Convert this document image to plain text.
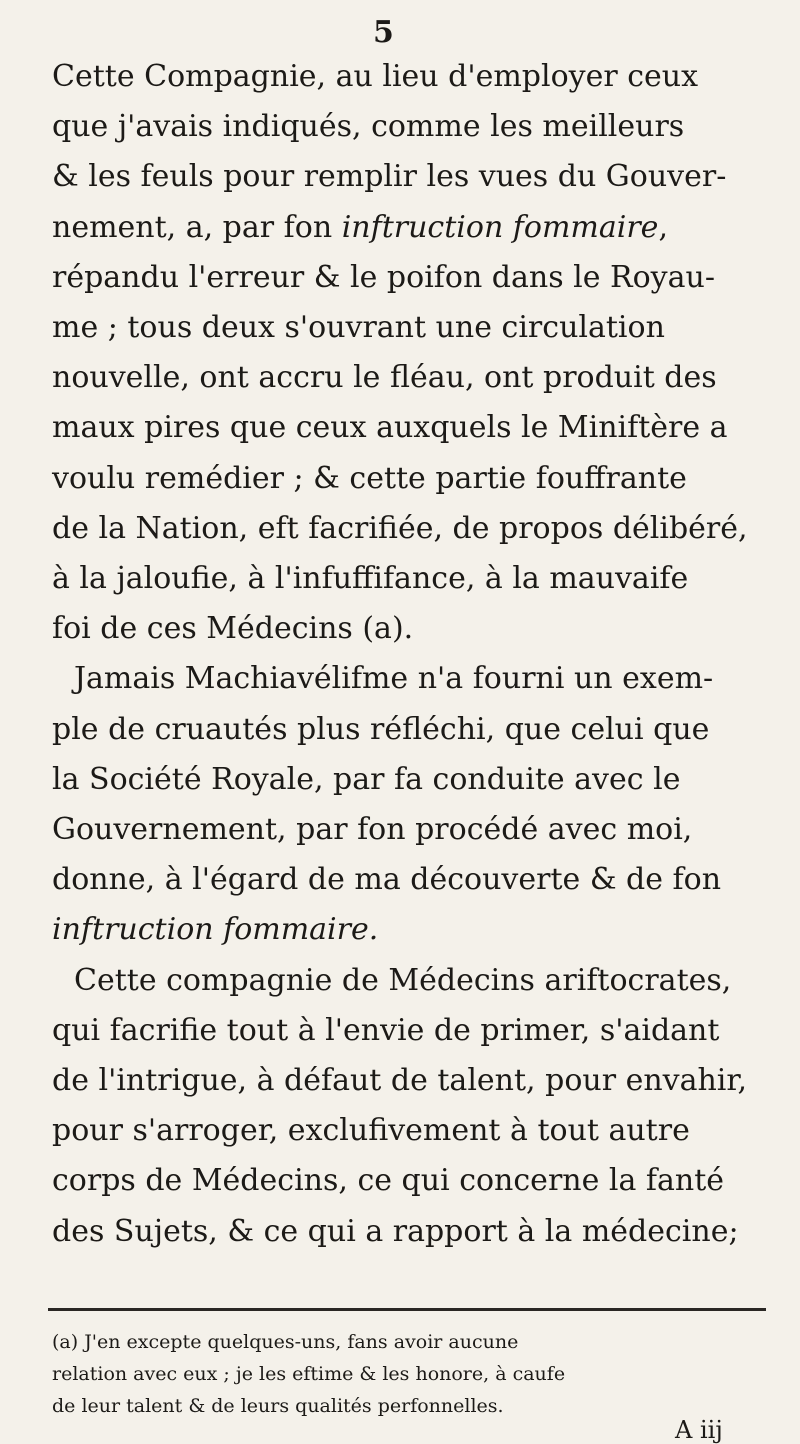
5
Cette Compagnie, au lieu d'employer ceux
que j'avais indiqués, comme les meilleurs
& les feuls pour remplir les vues du Gouver-
nement, a, par fon inftruction fommaire,
répandu l'erreur & le poifon dans le Royau-
me ; tous deux s'ouvrant une circulation
nouvelle, ont accru le fléau, ont produit des
maux pires que ceux auxquels le Miniftère a
voulu remédier ; & cette partie fouffrante
de la Nation, eft facrifiée, de propos délibéré,
à la jaloufie, à l'infuffifance, à la mauvaife
foi de ces Médecins (a).
Jamais Machiavélifme n'a fourni un exem-
ple de cruautés plus réfléchi, que celui que
la Société Royale, par fa conduite avec le
Gouvernement, par fon procédé avec moi,
donne, à l'égard de ma découverte & de fon
inftruction fommaire.
Cette compagnie de Médecins ariftocrates,
qui facrifie tout à l'envie de primer, s'aidant
de l'intrigue, à défaut de talent, pour envahir,
pour s'arroger, exclufivement à tout autre
corps de Médecins, ce qui concerne la fanté
des Sujets, & ce qui a rapport à la médecine;
(a) J'en excepte quelques-uns, fans avoir aucune
relation avec eux ; je les eftime & les honore, à caufe
de leur talent & de leurs qualités perfonnelles.
A iij
